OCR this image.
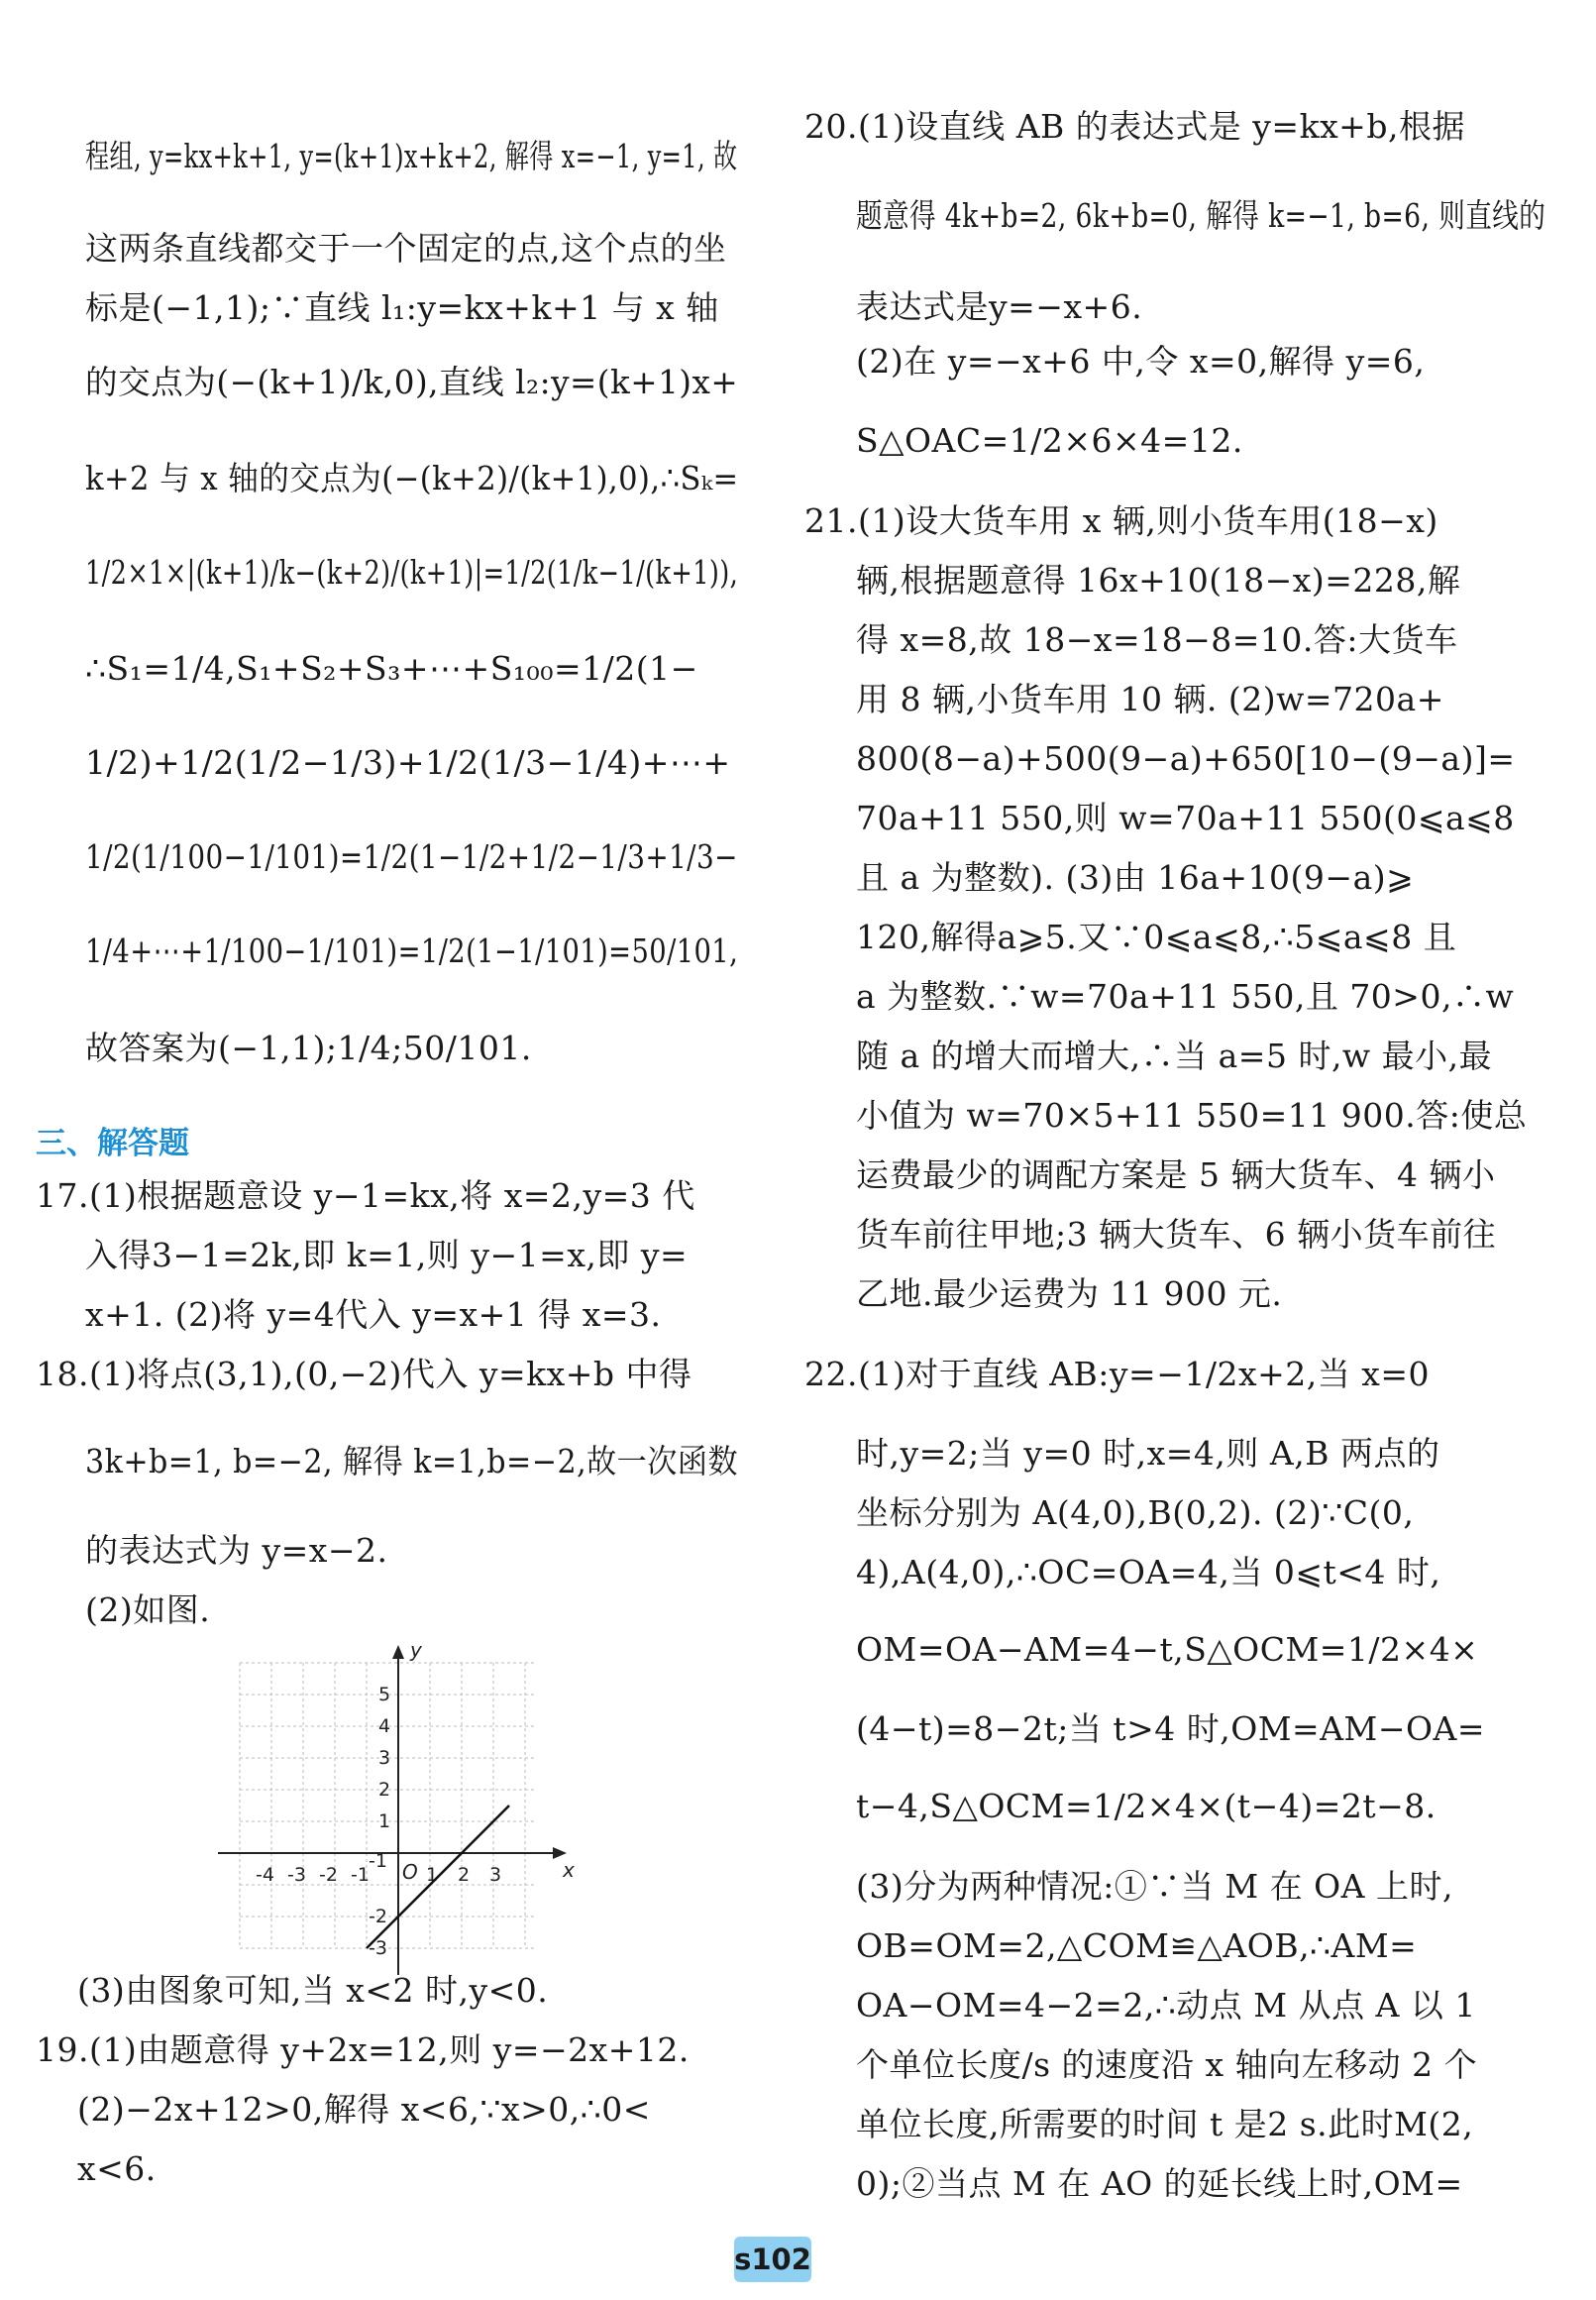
程组, y=kx+k+1, y=(k+1)x+k+2, 解得 x=−1, y=1, 故
这两条直线都交于一个固定的点,这个点的坐
标是(−1,1);∵直线 l₁:y=kx+k+1 与 x 轴
的交点为(−(k+1)/k,0),直线 l₂:y=(k+1)x+
k+2 与 x 轴的交点为(−(k+2)/(k+1),0),∴Sₖ=
1/2×1×|(k+1)/k−(k+2)/(k+1)|=1/2(1/k−1/(k+1)),
∴S₁=1/4,S₁+S₂+S₃+⋯+S₁₀₀=1/2(1−
1/2)+1/2(1/2−1/3)+1/2(1/3−1/4)+⋯+
1/2(1/100−1/101)=1/2(1−1/2+1/2−1/3+1/3−
1/4+⋯+1/100−1/101)=1/2(1−1/101)=50/101,
故答案为(−1,1);1/4;50/101.
三、解答题
17.(1)根据题意设 y−1=kx,将 x=2,y=3 代
入得3−1=2k,即 k=1,则 y−1=x,即 y=
x+1. (2)将 y=4代入 y=x+1 得 x=3.
18.(1)将点(3,1),(0,−2)代入 y=kx+b 中得
3k+b=1, b=−2, 解得 k=1,b=−2,故一次函数
的表达式为 y=x−2.
(2)如图.
x
y
O
-4 -3 -2 -1	1 2 3
5
4
3
2
1
-1
-2
-3
(3)由图象可知,当 x<2 时,y<0.
19.(1)由题意得 y+2x=12,则 y=−2x+12.
(2)−2x+12>0,解得 x<6,∵x>0,∴0<
x<6.
20.(1)设直线 AB 的表达式是 y=kx+b,根据
题意得 4k+b=2, 6k+b=0, 解得 k=−1, b=6, 则直线的
表达式是y=−x+6.
(2)在 y=−x+6 中,令 x=0,解得 y=6,
S△OAC=1/2×6×4=12.
21.(1)设大货车用 x 辆,则小货车用(18−x)
辆,根据题意得 16x+10(18−x)=228,解
得 x=8,故 18−x=18−8=10.答:大货车
用 8 辆,小货车用 10 辆. (2)w=720a+
800(8−a)+500(9−a)+650[10−(9−a)]=
70a+11 550,则 w=70a+11 550(0⩽a⩽8
且 a 为整数). (3)由 16a+10(9−a)⩾
120,解得a⩾5.又∵0⩽a⩽8,∴5⩽a⩽8 且
a 为整数.∵w=70a+11 550,且 70>0,∴w
随 a 的增大而增大,∴当 a=5 时,w 最小,最
小值为 w=70×5+11 550=11 900.答:使总
运费最少的调配方案是 5 辆大货车、4 辆小
货车前往甲地;3 辆大货车、6 辆小货车前往
乙地.最少运费为 11 900 元.
22.(1)对于直线 AB:y=−1/2x+2,当 x=0
时,y=2;当 y=0 时,x=4,则 A,B 两点的
坐标分别为 A(4,0),B(0,2). (2)∵C(0,
4),A(4,0),∴OC=OA=4,当 0⩽t<4 时,
OM=OA−AM=4−t,S△OCM=1/2×4×
(4−t)=8−2t;当 t>4 时,OM=AM−OA=
t−4,S△OCM=1/2×4×(t−4)=2t−8.
(3)分为两种情况:①∵当 M 在 OA 上时,
OB=OM=2,△COM≌△AOB,∴AM=
OA−OM=4−2=2,∴动点 M 从点 A 以 1
个单位长度/s 的速度沿 x 轴向左移动 2 个
单位长度,所需要的时间 t 是2 s.此时M(2,
0);②当点 M 在 AO 的延长线上时,OM=
s102
